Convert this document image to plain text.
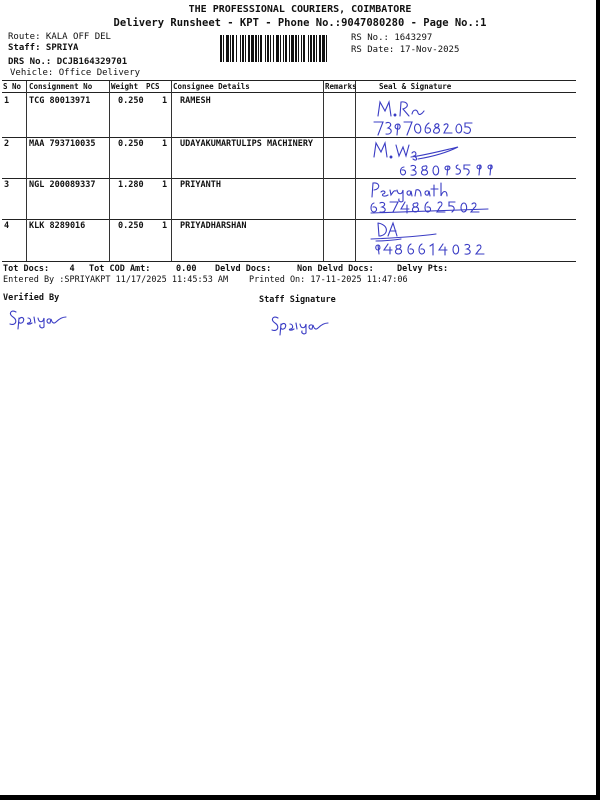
THE PROFESSIONAL COURIERS, COIMBATORE
Delivery Runsheet - KPT - Phone No.:9047080280 - Page No.:1
Route: KALA OFF DEL
Staff: SPRIYA
DRS No.: DCJB164329701
Vehicle: Office Delivery
RS No.: 1643297
RS Date: 17-Nov-2025
S No Consignment No	Weight PCS Consignee Details	Remarks	Seal & Signature
1 TCG 80013971	0.250 1 RAMESH
2 MAA 793710035	0.250 1 UDAYAKUMARTULIPS MACHINERY
3 NGL 200089337	1.280 1 PRIYANTH
4 KLK 8289016	0.250 1 PRIYADHARSHAN
Tot Docs:    4 Tot COD Amt:     0.00 Delvd Docs:	Non Delvd Docs:	Delvy Pts:
Entered By :SPRIYAKPT 11/17/2025 11:45:53 AM Printed On: 17-11-2025 11:47:06
Verified By	Staff Signature
